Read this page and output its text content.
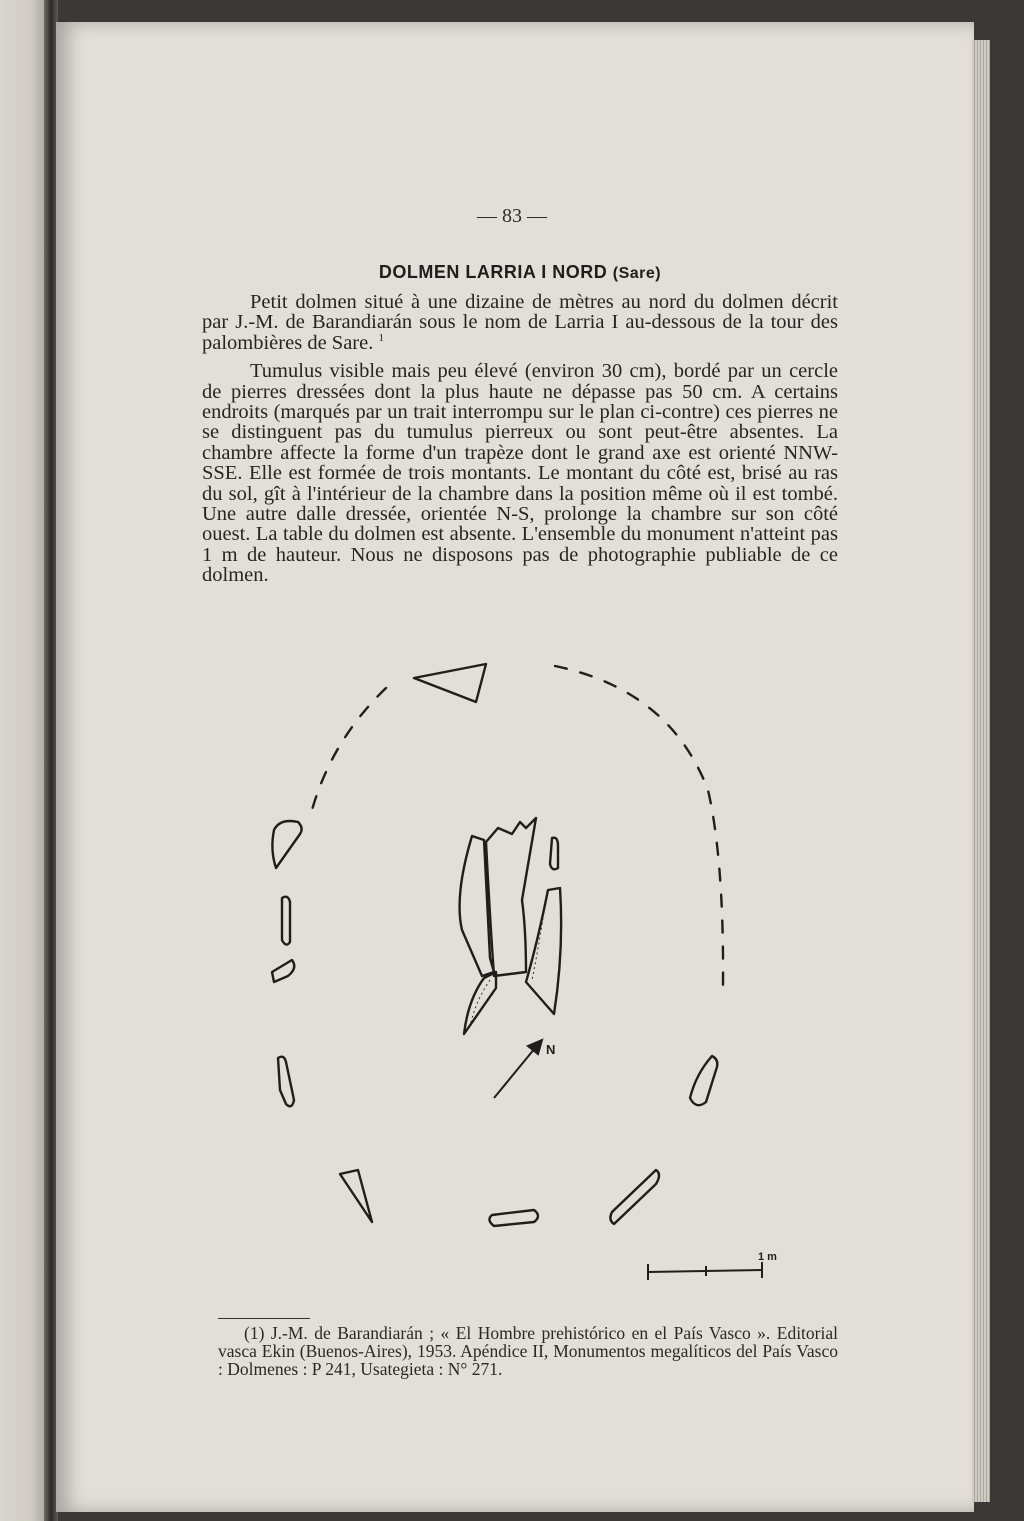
— 83 —
DOLMEN LARRIA I NORD (Sare)

Petit dolmen situé à une dizaine de mètres au nord du dolmen décrit par J.-M. de Barandiarán sous le nom de Larria I au-dessous de la tour des palombières de Sare. $^1$

Tumulus visible mais peu élevé (environ 30 cm), bordé par un cercle de pierres dressées dont la plus haute ne dépasse pas 50 cm. A certains endroits (marqués par un trait interrompu sur le plan ci-contre) ces pierres ne se distinguent pas du tumulus pierreux ou sont peut-être absentes. La chambre affecte la forme d'un trapèze dont le grand axe est orienté NNW-SSE. Elle est formée de trois montants. Le montant du côté est, brisé au ras du sol, gît à l'intérieur de la chambre dans la position même où il est tombé. Une autre dalle dressée, orientée N-S, prolonge la chambre sur son côté ouest. La table du dolmen est absente. L'ensemble du monument n'atteint pas 1 m de hauteur. Nous ne disposons pas de photographie publiable de ce dolmen.

N
1 m

(1) J.-M. de Barandiarán ; « El Hombre prehistórico en el País Vasco ». Editorial vasca Ekin (Buenos-Aires), 1953. Apéndice II, Monumentos megalíticos del País Vasco : Dolmenes : P 241, Usategieta : N° 271.
